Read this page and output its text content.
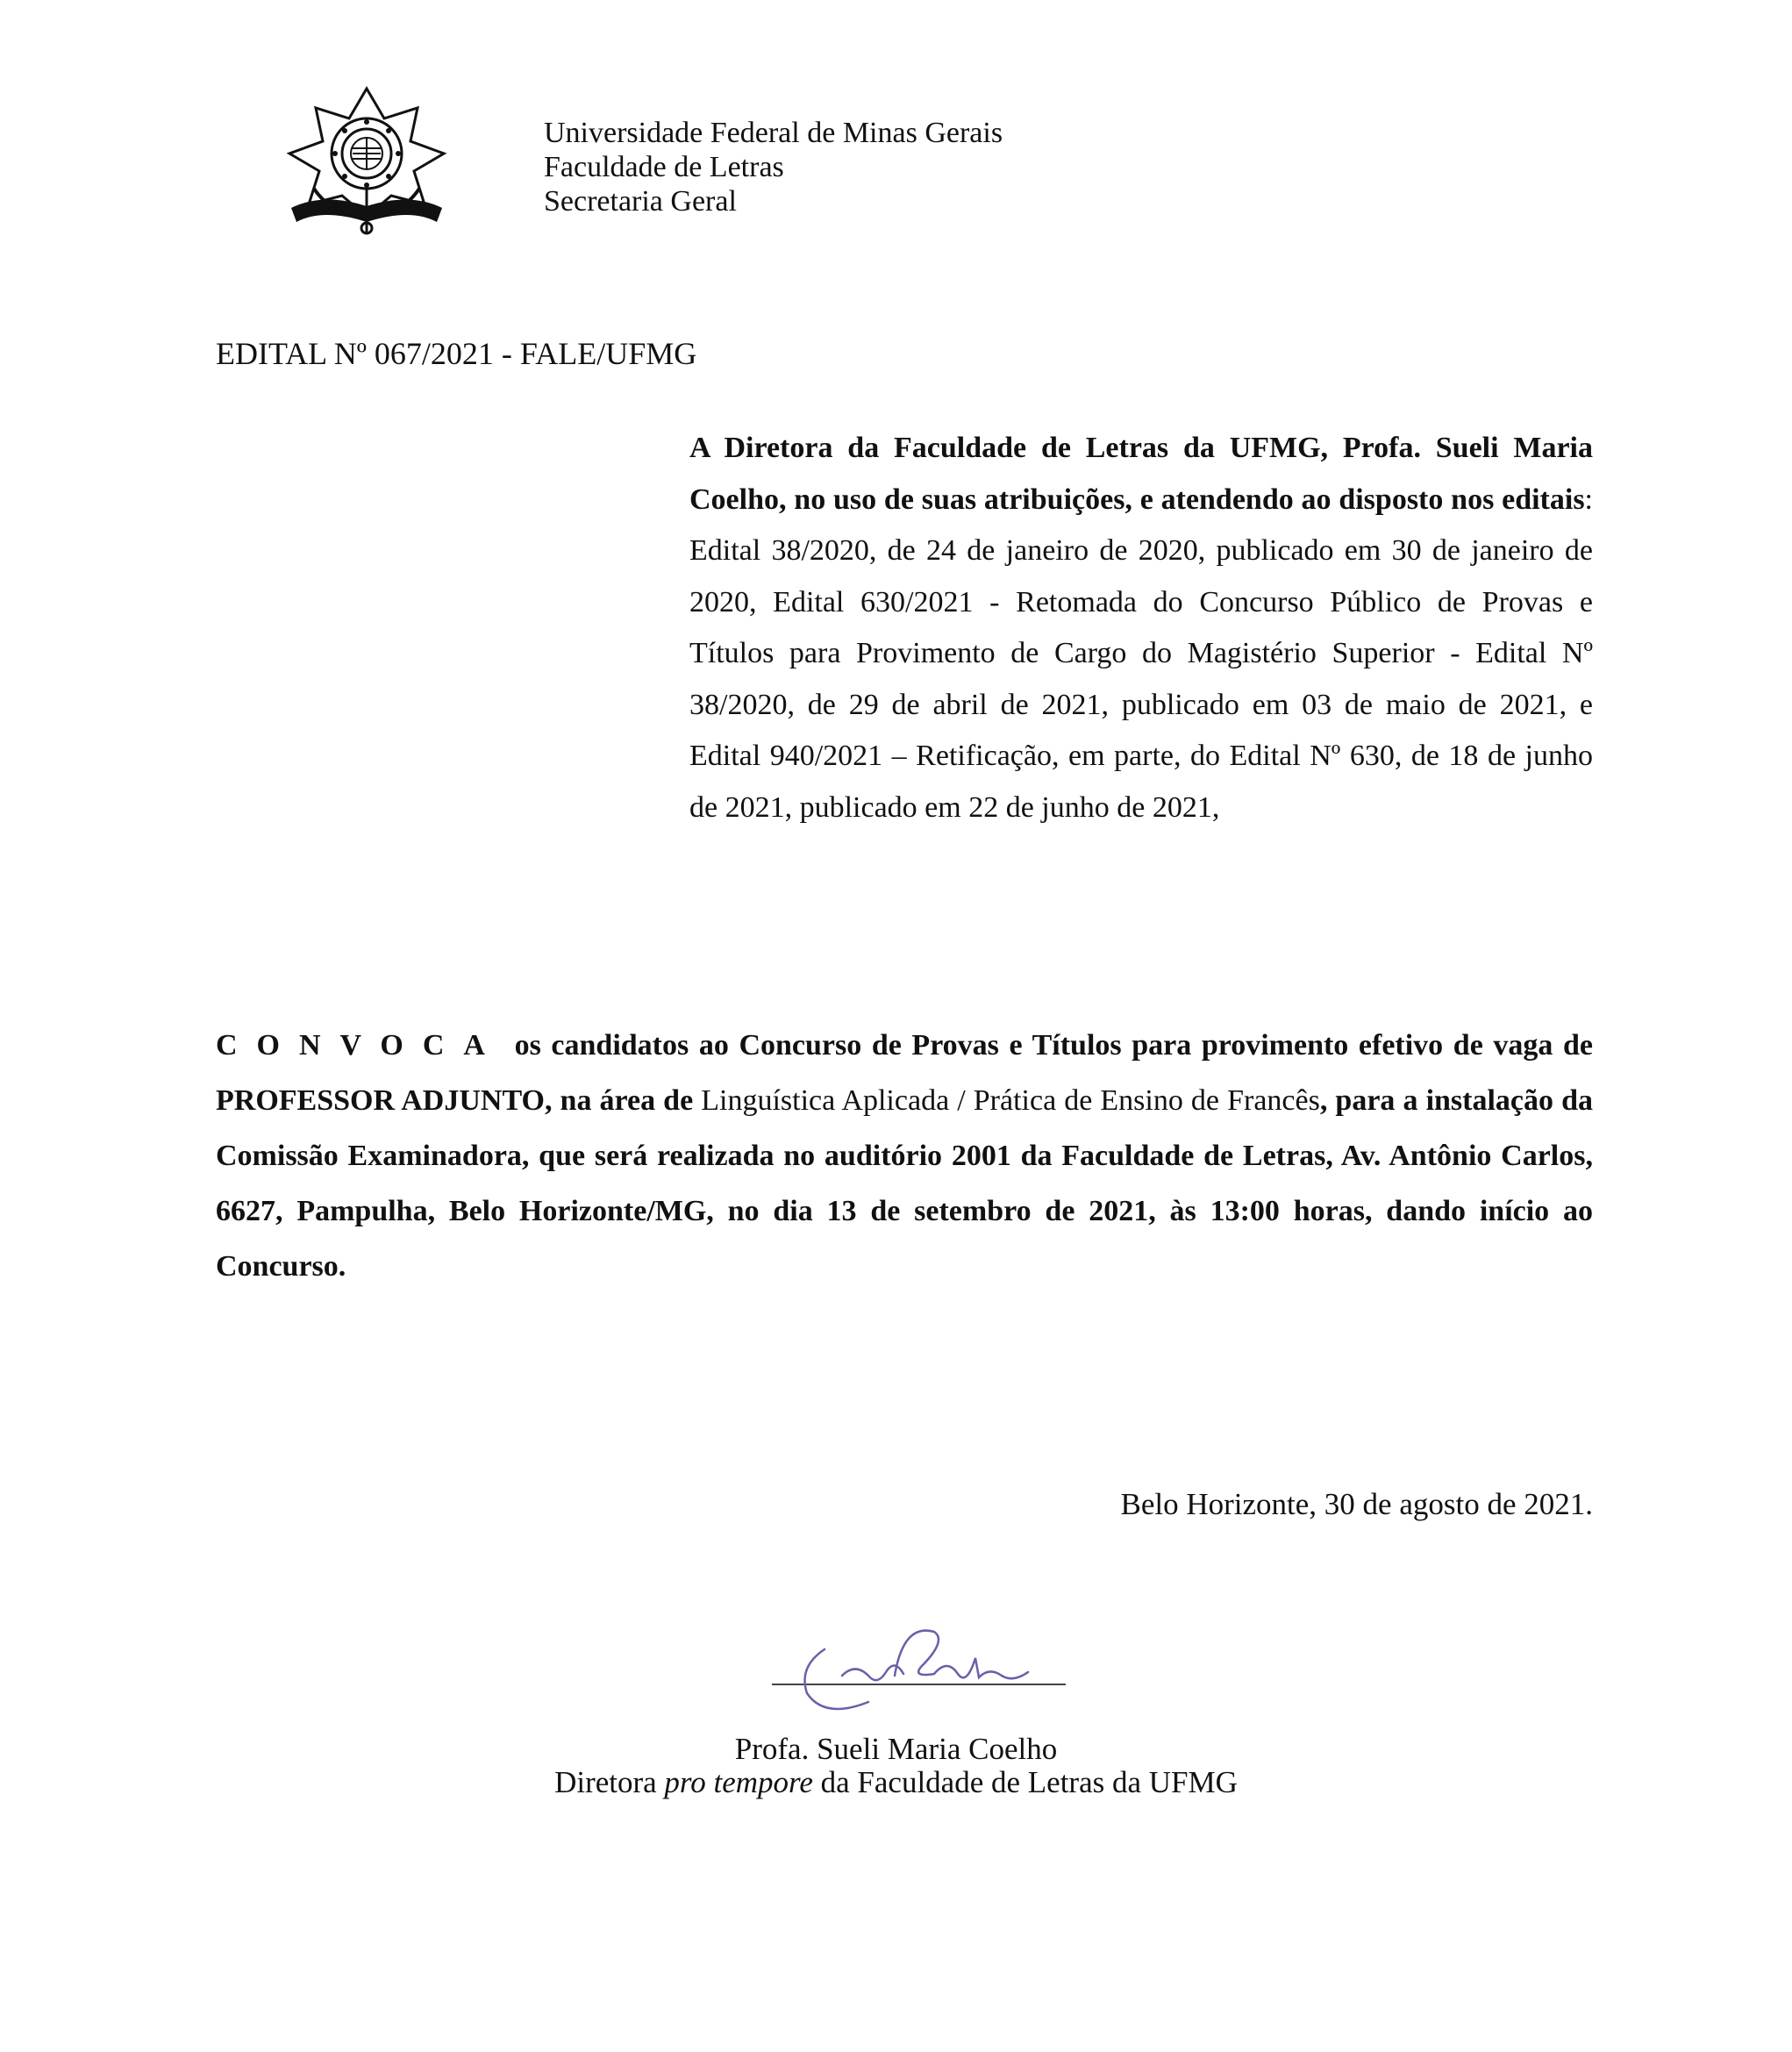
Universidade Federal de Minas Gerais
Faculdade de Letras
Secretaria Geral
EDITAL Nº 067/2021 - FALE/UFMG
A Diretora da Faculdade de Letras da UFMG, Profa. Sueli Maria Coelho, no uso de suas atribuições, e atendendo ao disposto nos editais: Edital 38/2020, de 24 de janeiro de 2020, publicado em 30 de janeiro de 2020, Edital 630/2021 - Retomada do Concurso Público de Provas e Títulos para Provimento de Cargo do Magistério Superior - Edital Nº 38/2020, de 29 de abril de 2021, publicado em 03 de maio de 2021, e Edital 940/2021 – Retificação, em parte, do Edital Nº 630, de 18 de junho de 2021, publicado em 22 de junho de 2021,
CONVOCA os candidatos ao Concurso de Provas e Títulos para provimento efetivo de vaga de PROFESSOR ADJUNTO, na área de Linguística Aplicada / Prática de Ensino de Francês, para a instalação da Comissão Examinadora, que será realizada no auditório 2001 da Faculdade de Letras, Av. Antônio Carlos, 6627, Pampulha, Belo Horizonte/MG, no dia 13 de setembro de 2021, às 13:00 horas, dando início ao Concurso.
Belo Horizonte, 30 de agosto de 2021.
Profa. Sueli Maria Coelho
Diretora pro tempore da Faculdade de Letras da UFMG
